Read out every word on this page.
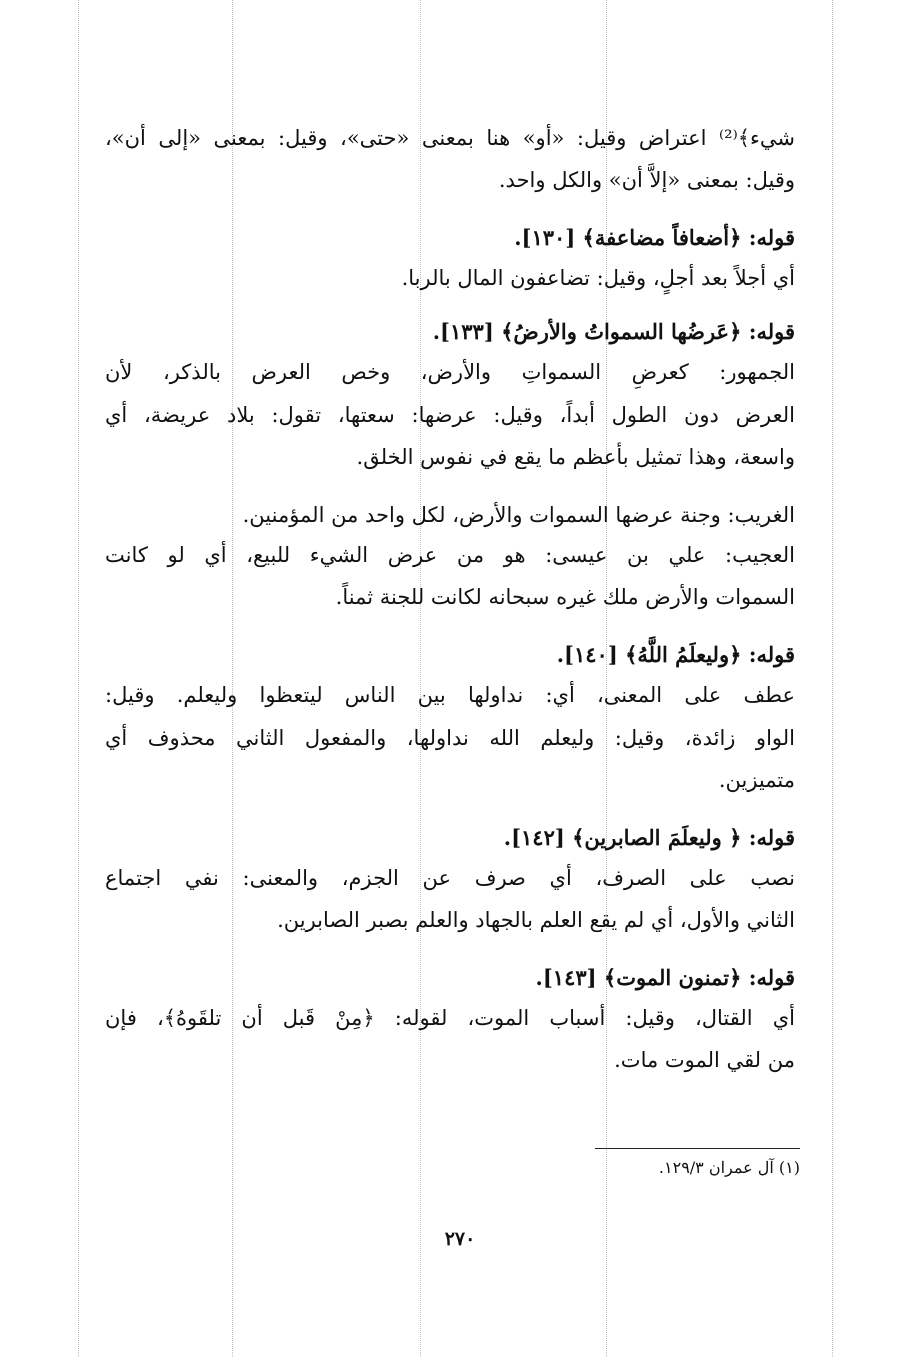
شيء﴾⁽²⁾ اعتراض وقيل: «أو» هنا بمعنى «حتى»، وقيل: بمعنى «إلى أن»،
وقيل: بمعنى «إلاَّ أن» والكل واحد.
قوله: ﴿أضعافاً مضاعفة﴾ [١٣٠].
أي أجلاً بعد أجلٍ، وقيل: تضاعفون المال بالربا.
قوله: ﴿عَرضُها السمواتُ والأرضُ﴾ [١٣٣].
الجمهور: كعرضِ السمواتِ والأرض، وخص العرض بالذكر، لأن
العرض دون الطول أبداً، وقيل: عرضها: سعتها، تقول: بلاد عريضة، أي
واسعة، وهذا تمثيل بأعظم ما يقع في نفوس الخلق.
الغريب: وجنة عرضها السموات والأرض، لكل واحد من المؤمنين.
العجيب: علي بن عيسى: هو من عرض الشيء للبيع، أي لو كانت
السموات والأرض ملك غيره سبحانه لكانت للجنة ثمناً.
قوله: ﴿وليعلَمُ اللَّهُ﴾ [١٤٠].
عطف على المعنى، أي: نداولها بين الناس ليتعظوا وليعلم. وقيل:
الواو زائدة، وقيل: وليعلم الله نداولها، والمفعول الثاني محذوف أي
متميزين.
قوله: ﴿ وليعلَمَ الصابرين﴾ [١٤٢].
نصب على الصرف، أي صرف عن الجزم، والمعنى: نفي اجتماع
الثاني والأول، أي لم يقع العلم بالجهاد والعلم بصبر الصابرين.
قوله: ﴿تمنون الموت﴾ [١٤٣].
أي القتال، وقيل: أسباب الموت، لقوله: ﴿مِنْ قَبل أن تلقَوهُ﴾، فإن
من لقي الموت مات.
(١) آل عمران ١٢٩/٣.
٢٧٠
